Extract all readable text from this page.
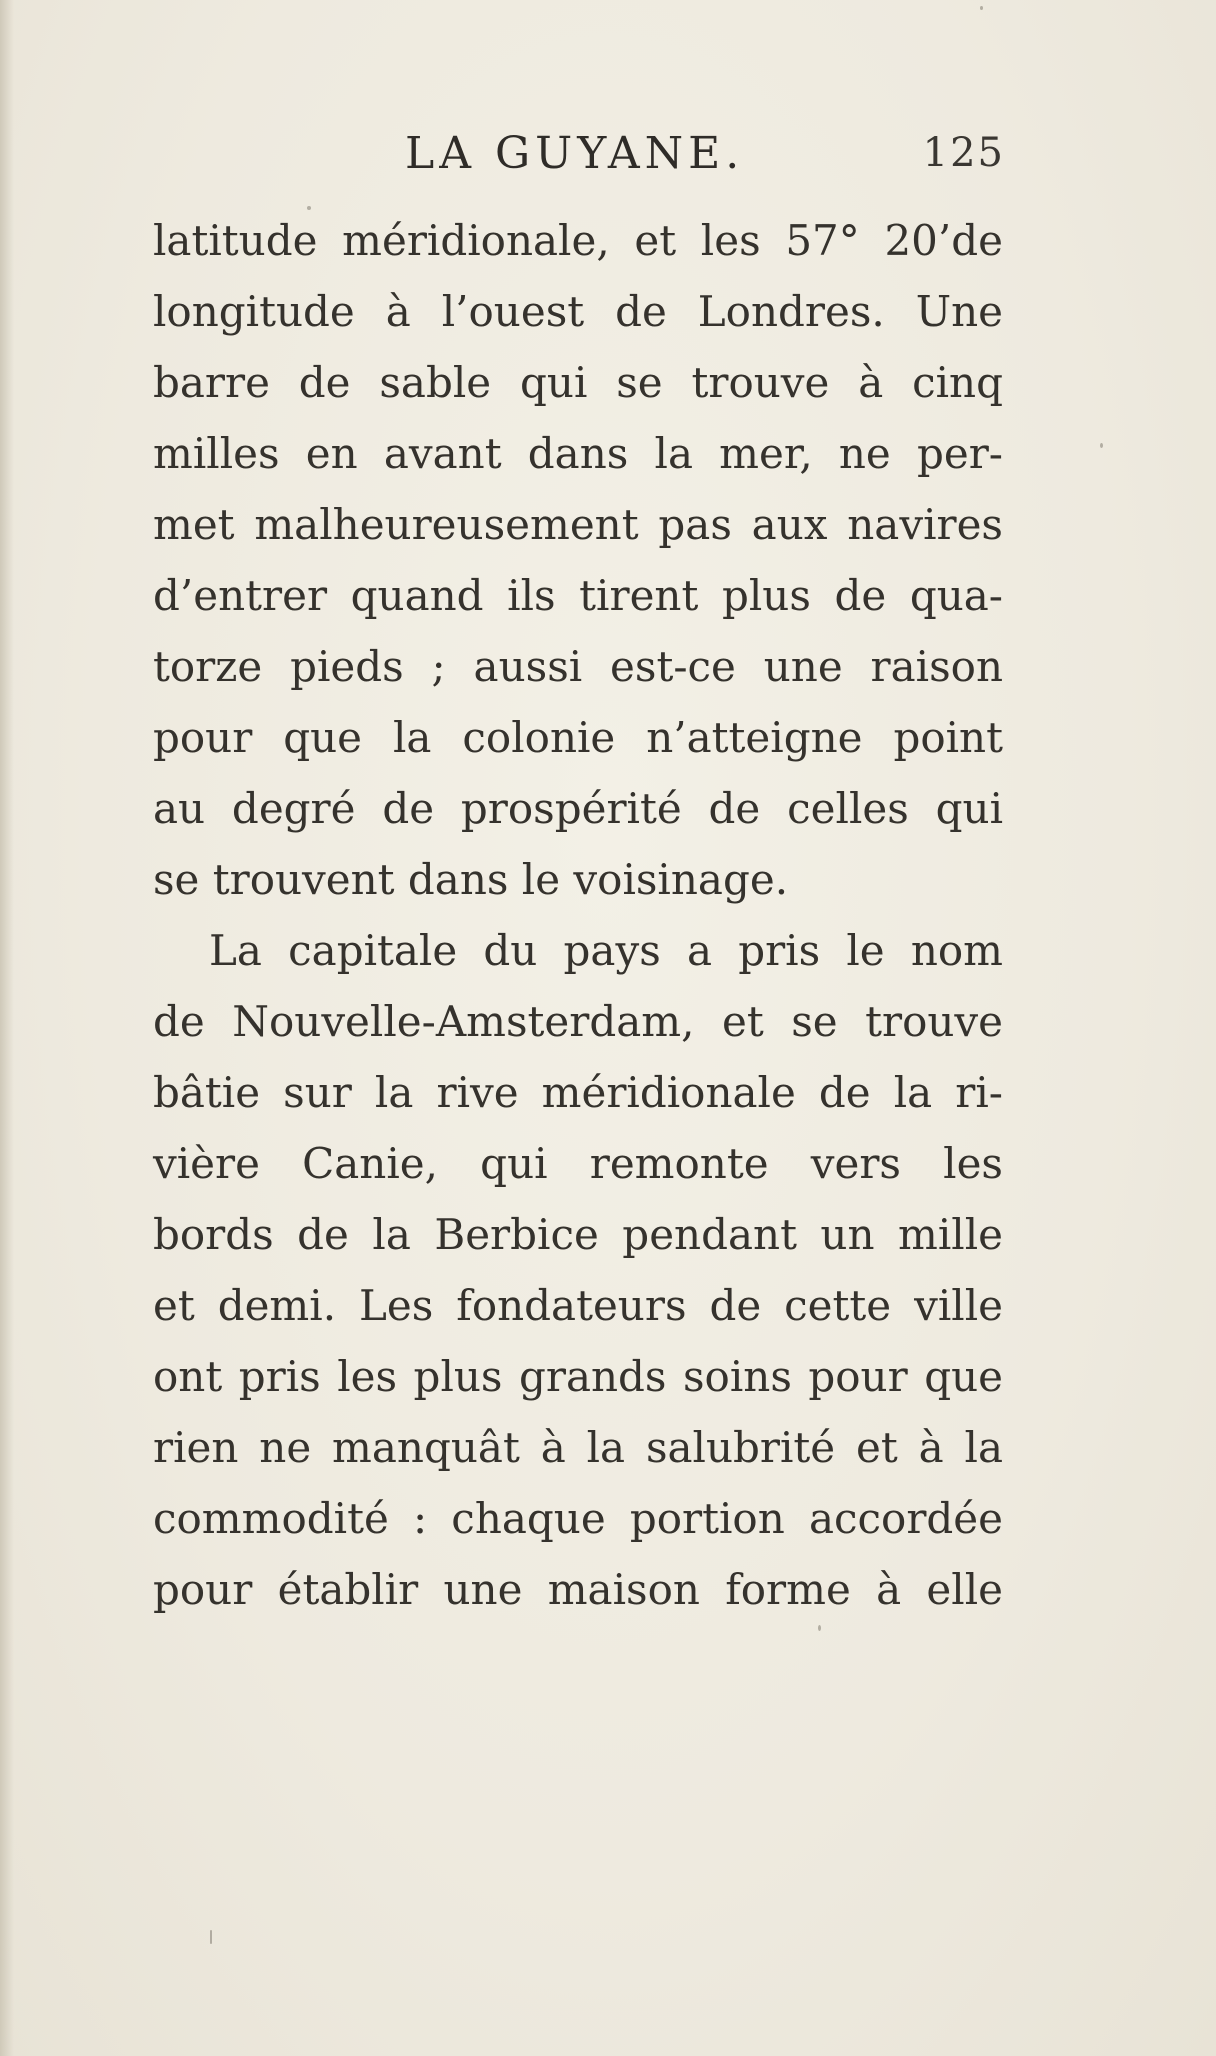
LA GUYANE.	125
latitude méridionale, et les 57° 20’de
longitude à l’ouest de Londres. Une
barre de sable qui se trouve à cinq
milles en avant dans la mer, ne per-
met malheureusement pas aux navires
d’entrer quand ils tirent plus de qua-
torze pieds ; aussi est-ce une raison
pour que la colonie n’atteigne point
au degré de prospérité de celles qui
se trouvent dans le voisinage.
La capitale du pays a pris le nom
de Nouvelle-Amsterdam, et se trouve
bâtie sur la rive méridionale de la ri-
vière Canie, qui remonte vers les
bords de la Berbice pendant un mille
et demi. Les fondateurs de cette ville
ont pris les plus grands soins pour que
rien ne manquât à la salubrité et à la
commodité : chaque portion accordée
pour établir une maison forme à elle
